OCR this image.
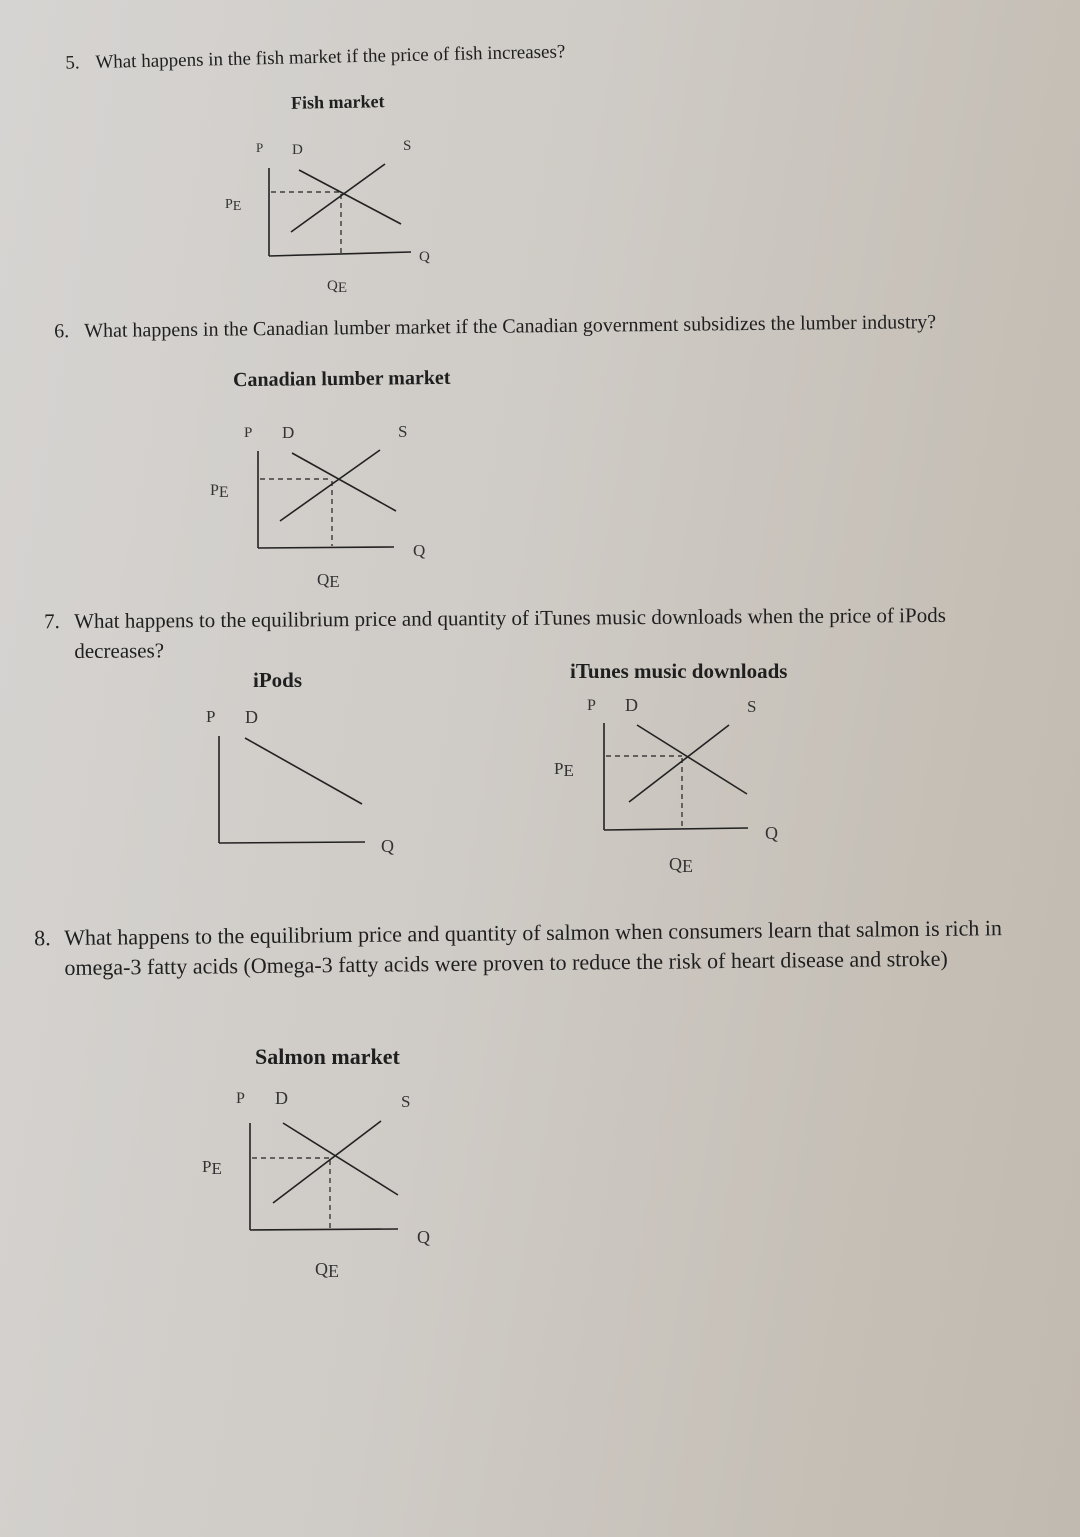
5. What happens in the fish market if the price of fish increases?
Fish market
P D	S
PE
Q
QE
6. What happens in the Canadian lumber market if the Canadian government subsidizes the lumber industry?
Canadian lumber market
P D	S
PE
Q
QE
7. What happens to the equilibrium price and quantity of iTunes music downloads when the price of iPods decreases?
iPods	iTunes music downloads
P D
Q
P D	S
PE
Q
QE
8. What happens to the equilibrium price and quantity of salmon when consumers learn that salmon is rich in omega-3 fatty acids (Omega-3 fatty acids were proven to reduce the risk of heart disease and stroke)
Salmon market
P D	S
PE
Q
QE
